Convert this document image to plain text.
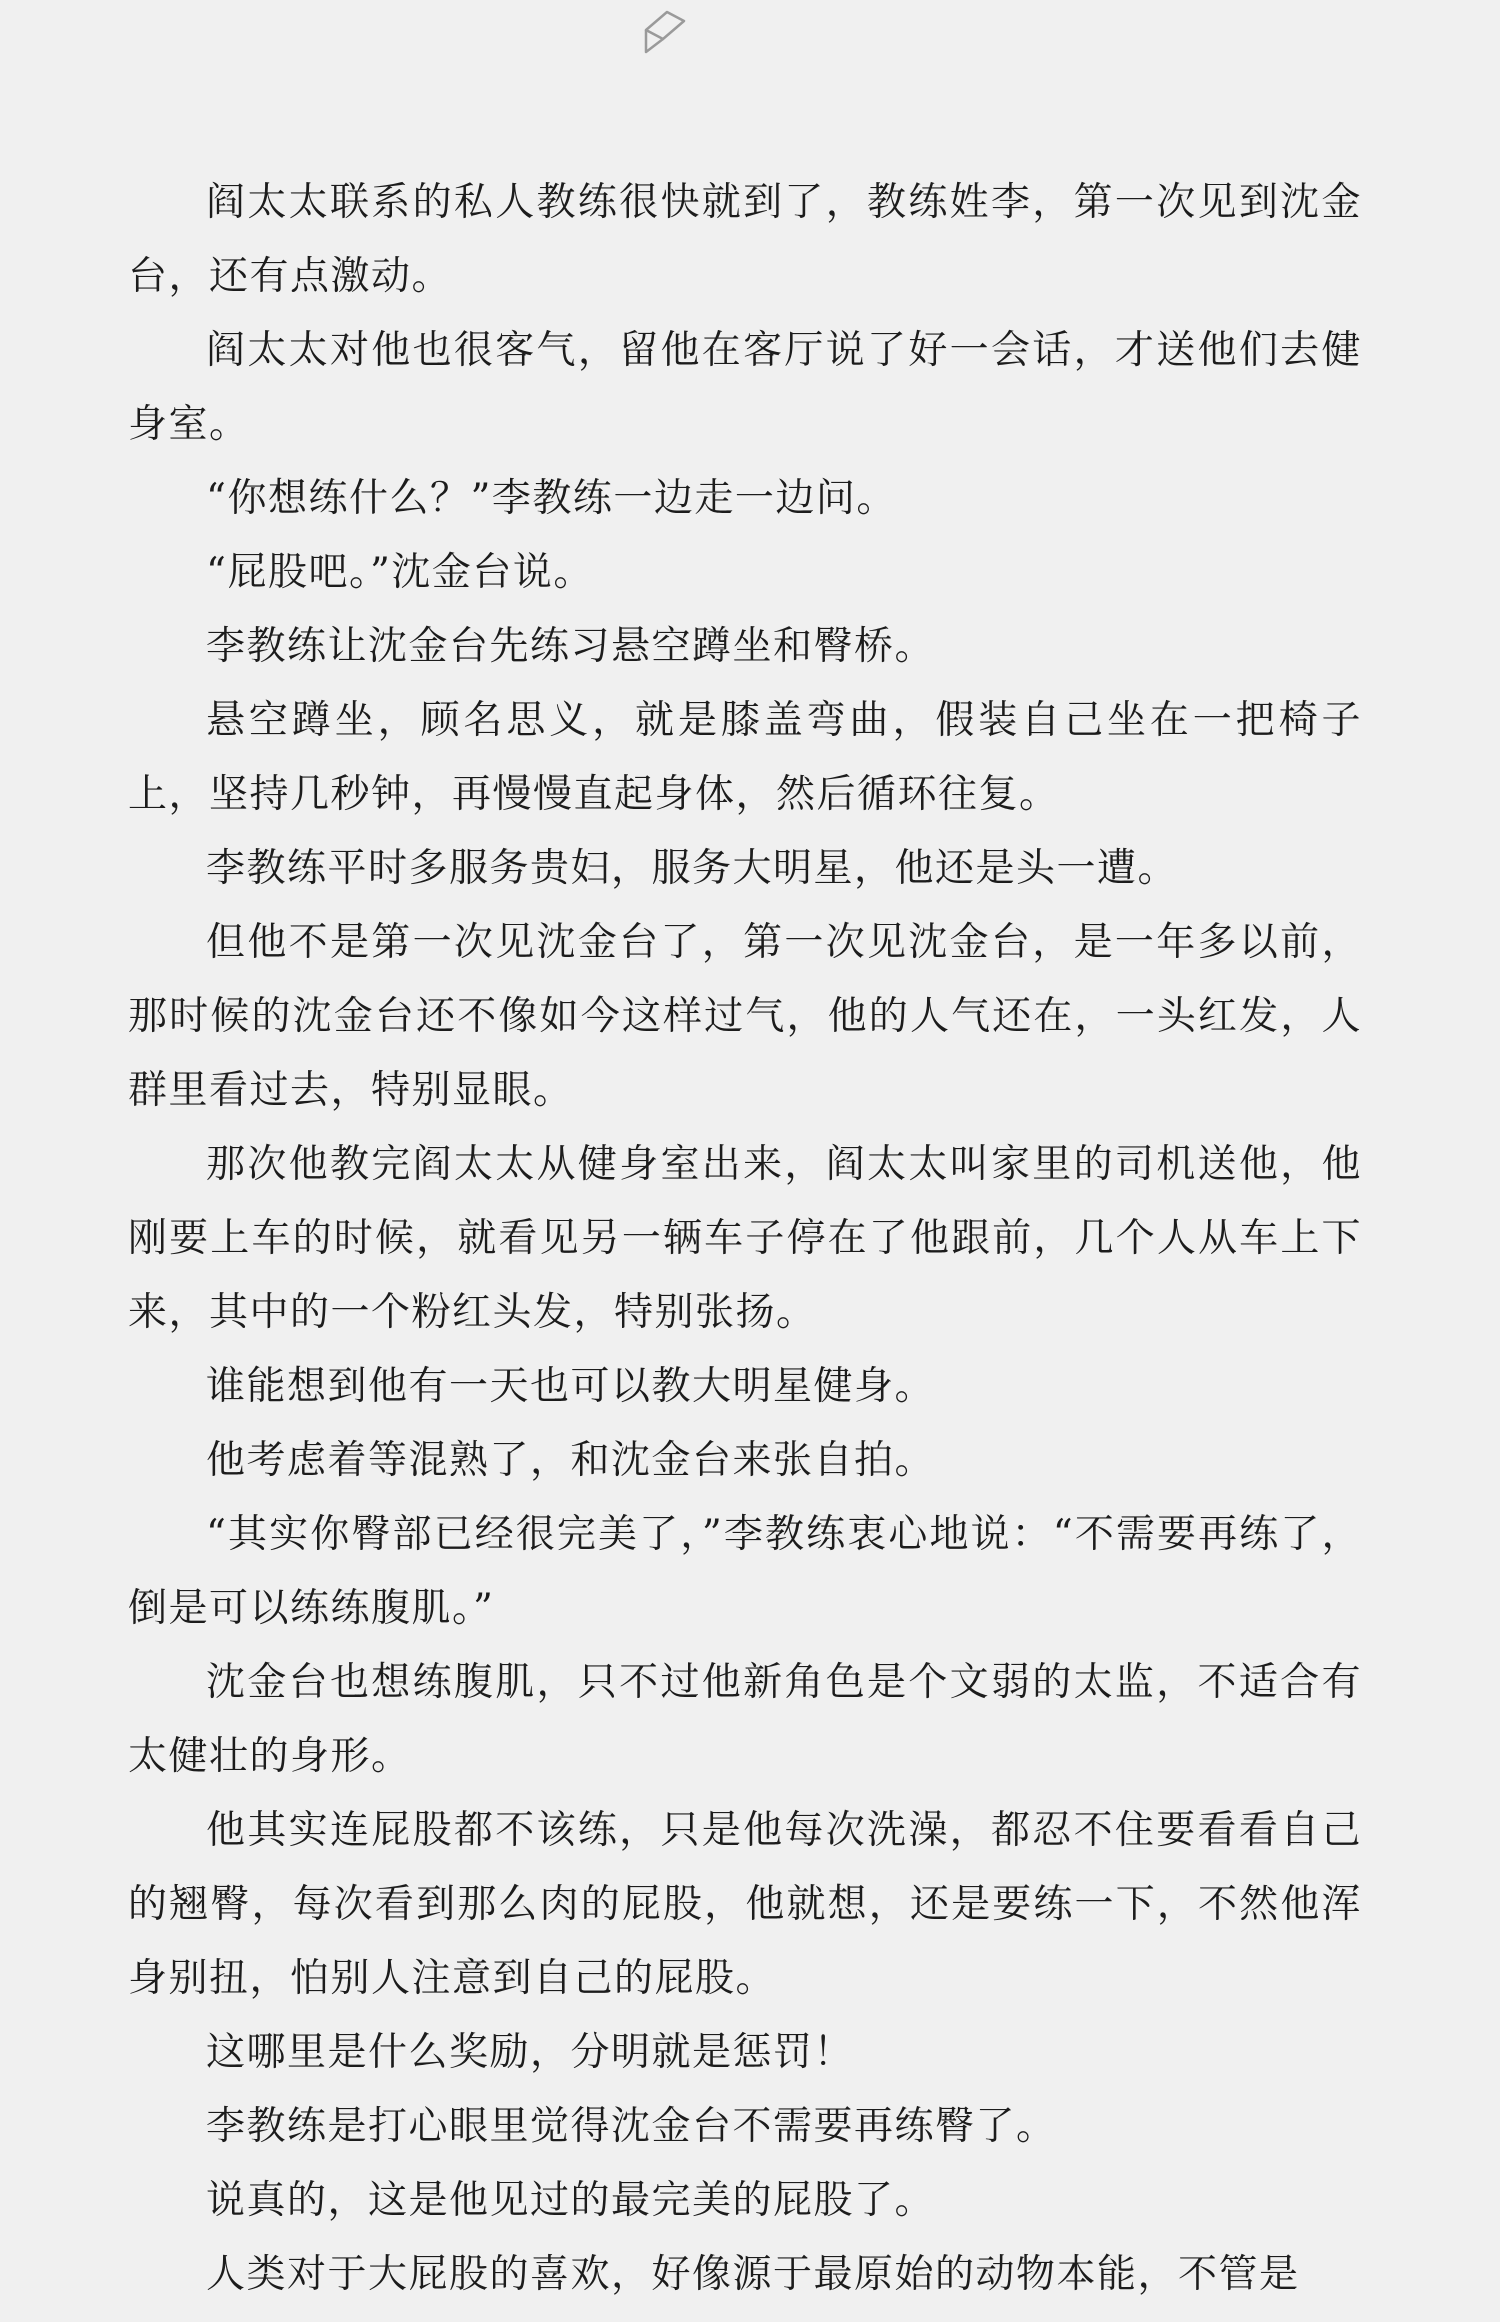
阎太太联系的私人教练很快就到了，教练姓李，第一次见到沈金台，还有点激动。

阎太太对他也很客气，留他在客厅说了好一会话，才送他们去健身室。

“你想练什么？”李教练一边走一边问。

“屁股吧。”沈金台说。

李教练让沈金台先练习悬空蹲坐和臀桥。

悬空蹲坐，顾名思义，就是膝盖弯曲，假装自己坐在一把椅子上，坚持几秒钟，再慢慢直起身体，然后循环往复。

李教练平时多服务贵妇，服务大明星，他还是头一遭。

但他不是第一次见沈金台了，第一次见沈金台，是一年多以前，那时候的沈金台还不像如今这样过气，他的人气还在，一头红发，人群里看过去，特别显眼。

那次他教完阎太太从健身室出来，阎太太叫家里的司机送他，他刚要上车的时候，就看见另一辆车子停在了他跟前，几个人从车上下来，其中的一个粉红头发，特别张扬。

谁能想到他有一天也可以教大明星健身。

他考虑着等混熟了，和沈金台来张自拍。

“其实你臀部已经很完美了，”李教练衷心地说：“不需要再练了，倒是可以练练腹肌。”

沈金台也想练腹肌，只不过他新角色是个文弱的太监，不适合有太健壮的身形。

他其实连屁股都不该练，只是他每次洗澡，都忍不住要看看自己的翘臀，每次看到那么肉的屁股，他就想，还是要练一下，不然他浑身别扭，怕别人注意到自己的屁股。

这哪里是什么奖励，分明就是惩罚！

李教练是打心眼里觉得沈金台不需要再练臀了。

说真的，这是他见过的最完美的屁股了。

人类对于大屁股的喜欢，好像源于最原始的动物本能，不管是
